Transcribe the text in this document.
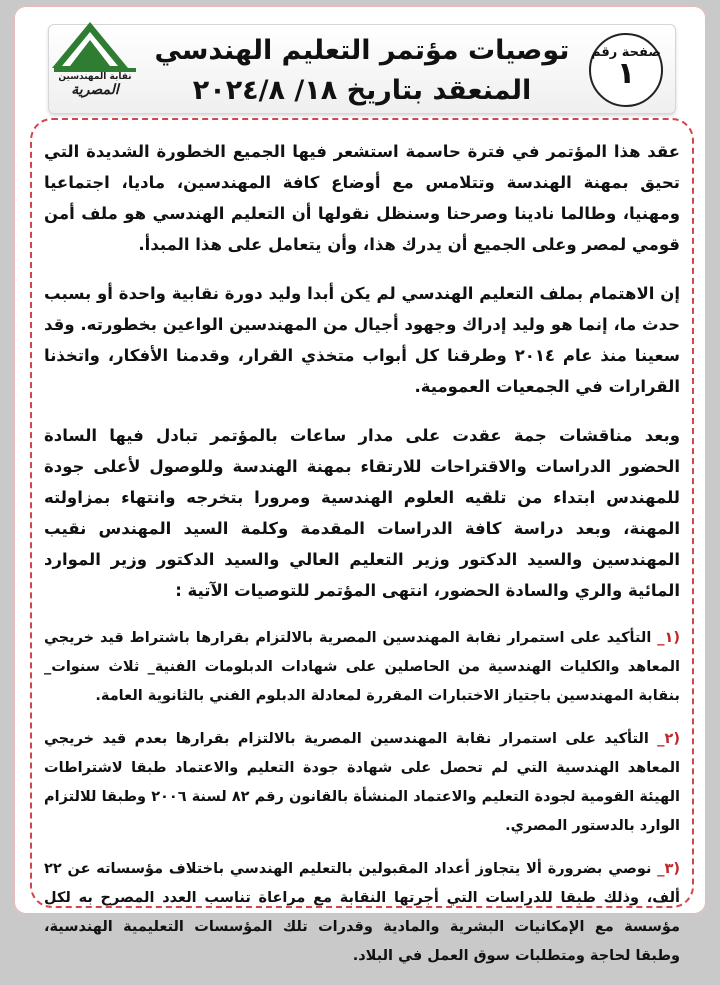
توصيات مؤتمر التعليم الهندسي
المنعقد بتاريخ ١٨/ ٢٠٢٤/٨
صفحة رقم
١
نقابة المهندسين
المصرية

عقد هذا المؤتمر في فترة حاسمة استشعر فيها الجميع الخطورة الشديدة التي تحيق بمهنة الهندسة وتتلامس مع أوضاع كافة المهندسين، ماديا، اجتماعيا ومهنيا، وطالما نادينا وصرحنا وسنظل نقولها أن التعليم الهندسي هو ملف أمن قومي لمصر وعلى الجميع أن يدرك هذا، وأن يتعامل على هذا المبدأ.

إن الاهتمام بملف التعليم الهندسي لم يكن أبدا وليد دورة نقابية واحدة أو بسبب حدث ما، إنما هو وليد إدراك وجهود أجيال من المهندسين الواعين بخطورته. وقد سعينا منذ عام ٢٠١٤ وطرقنا كل أبواب متخذي القرار، وقدمنا الأفكار، واتخذنا القرارات في الجمعيات العمومية.

وبعد مناقشات جمة عقدت على مدار ساعات بالمؤتمر تبادل فيها السادة الحضور الدراسات والاقتراحات للارتقاء بمهنة الهندسة وللوصول لأعلى جودة للمهندس ابتداء من تلقيه العلوم الهندسية ومرورا بتخرجه وانتهاء بمزاولته المهنة، وبعد دراسة كافة الدراسات المقدمة وكلمة السيد المهندس نقيب المهندسين والسيد الدكتور وزير التعليم العالي والسيد الدكتور وزير الموارد المائية والري والسادة الحضور، انتهى المؤتمر للتوصيات الآتية :

(١_ التأكيد على استمرار نقابة المهندسين المصرية بالالتزام بقرارها باشتراط قيد خريجي المعاهد والكليات الهندسية من الحاصلين على شهادات الدبلومات الفنية_ ثلاث سنوات_ بنقابة المهندسين باجتياز الاختبارات المقررة لمعادلة الدبلوم الفني بالثانوية العامة.

(٢_ التأكيد على استمرار نقابة المهندسين المصرية بالالتزام بقرارها بعدم قيد خريجي المعاهد الهندسية التي لم تحصل على شهادة جودة التعليم والاعتماد طبقا لاشتراطات الهيئة القومية لجودة التعليم والاعتماد المنشأة بالقانون رقم ٨٢ لسنة ٢٠٠٦ وطبقا للالتزام الوارد بالدستور المصري.

(٣_ نوصي بضرورة ألا يتجاوز أعداد المقبولين بالتعليم الهندسي باختلاف مؤسساته عن ٢٢ ألف، وذلك طبقا للدراسات التي أجرتها النقابة مع مراعاة تناسب العدد المصرح به لكل مؤسسة مع الإمكانيات البشرية والمادية وقدرات تلك المؤسسات التعليمية الهندسية، وطبقا لحاجة ومتطلبات سوق العمل في البلاد.
